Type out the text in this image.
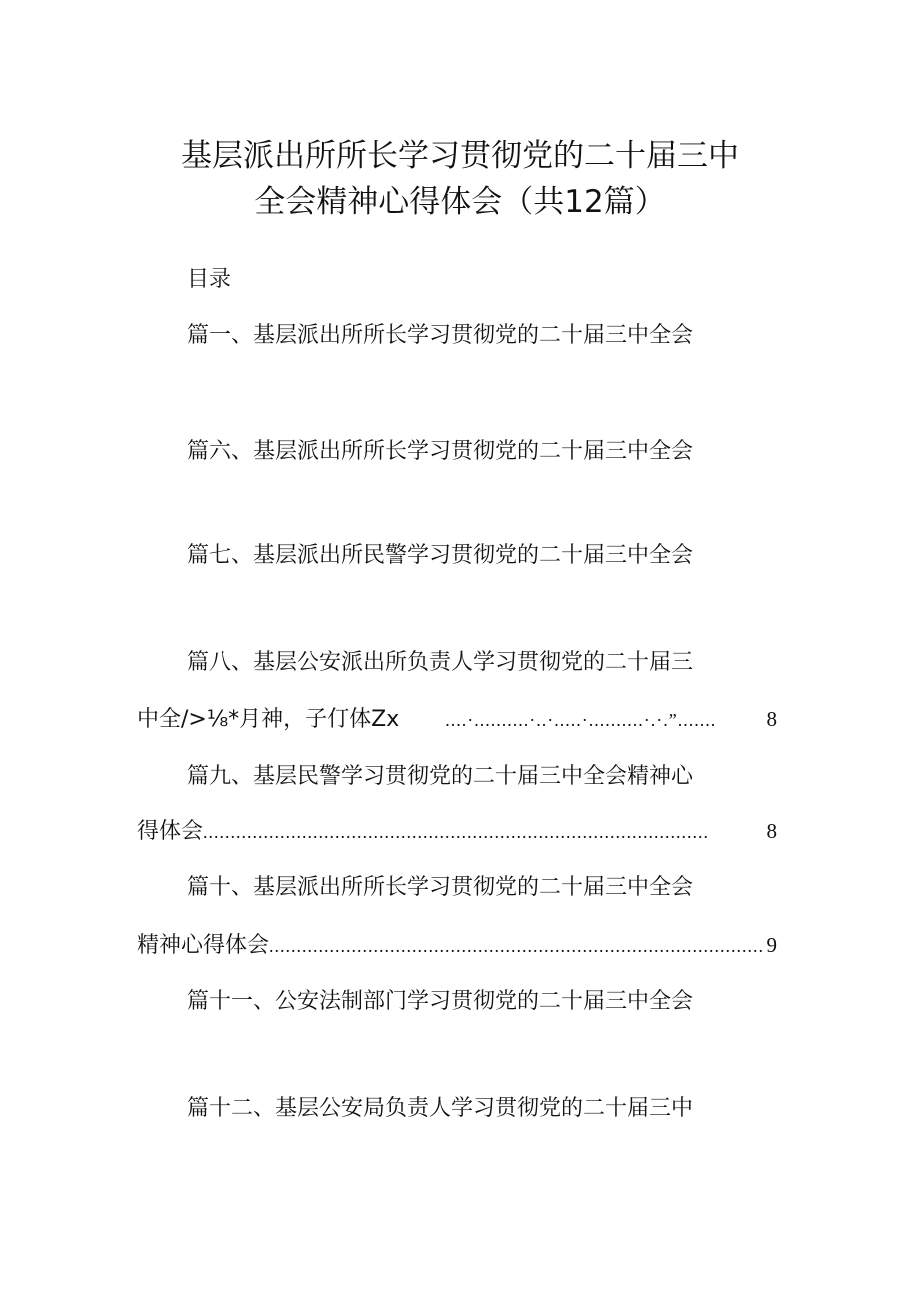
基层派出所所长学习贯彻党的二十届三中
全会精神心得体会（共12篇）
目录
篇一、基层派出所所长学习贯彻党的二十届三中全会
篇六、基层派出所所长学习贯彻党的二十届三中全会
篇七、基层派出所民警学习贯彻党的二十届三中全会
篇八、基层公安派出所负责人学习贯彻党的二十届三
中全/>⅛*月神，子仃体Zx	....·..........·..·.....·..........·.·.”.......	8
篇九、基层民警学习贯彻党的二十届三中全会精神心
得体会 ............................................................................................	8
篇十、基层派出所所长学习贯彻党的二十届三中全会
精神心得体会 .......................................................................................... 9
篇十一、公安法制部门学习贯彻党的二十届三中全会
篇十二、基层公安局负责人学习贯彻党的二十届三中
